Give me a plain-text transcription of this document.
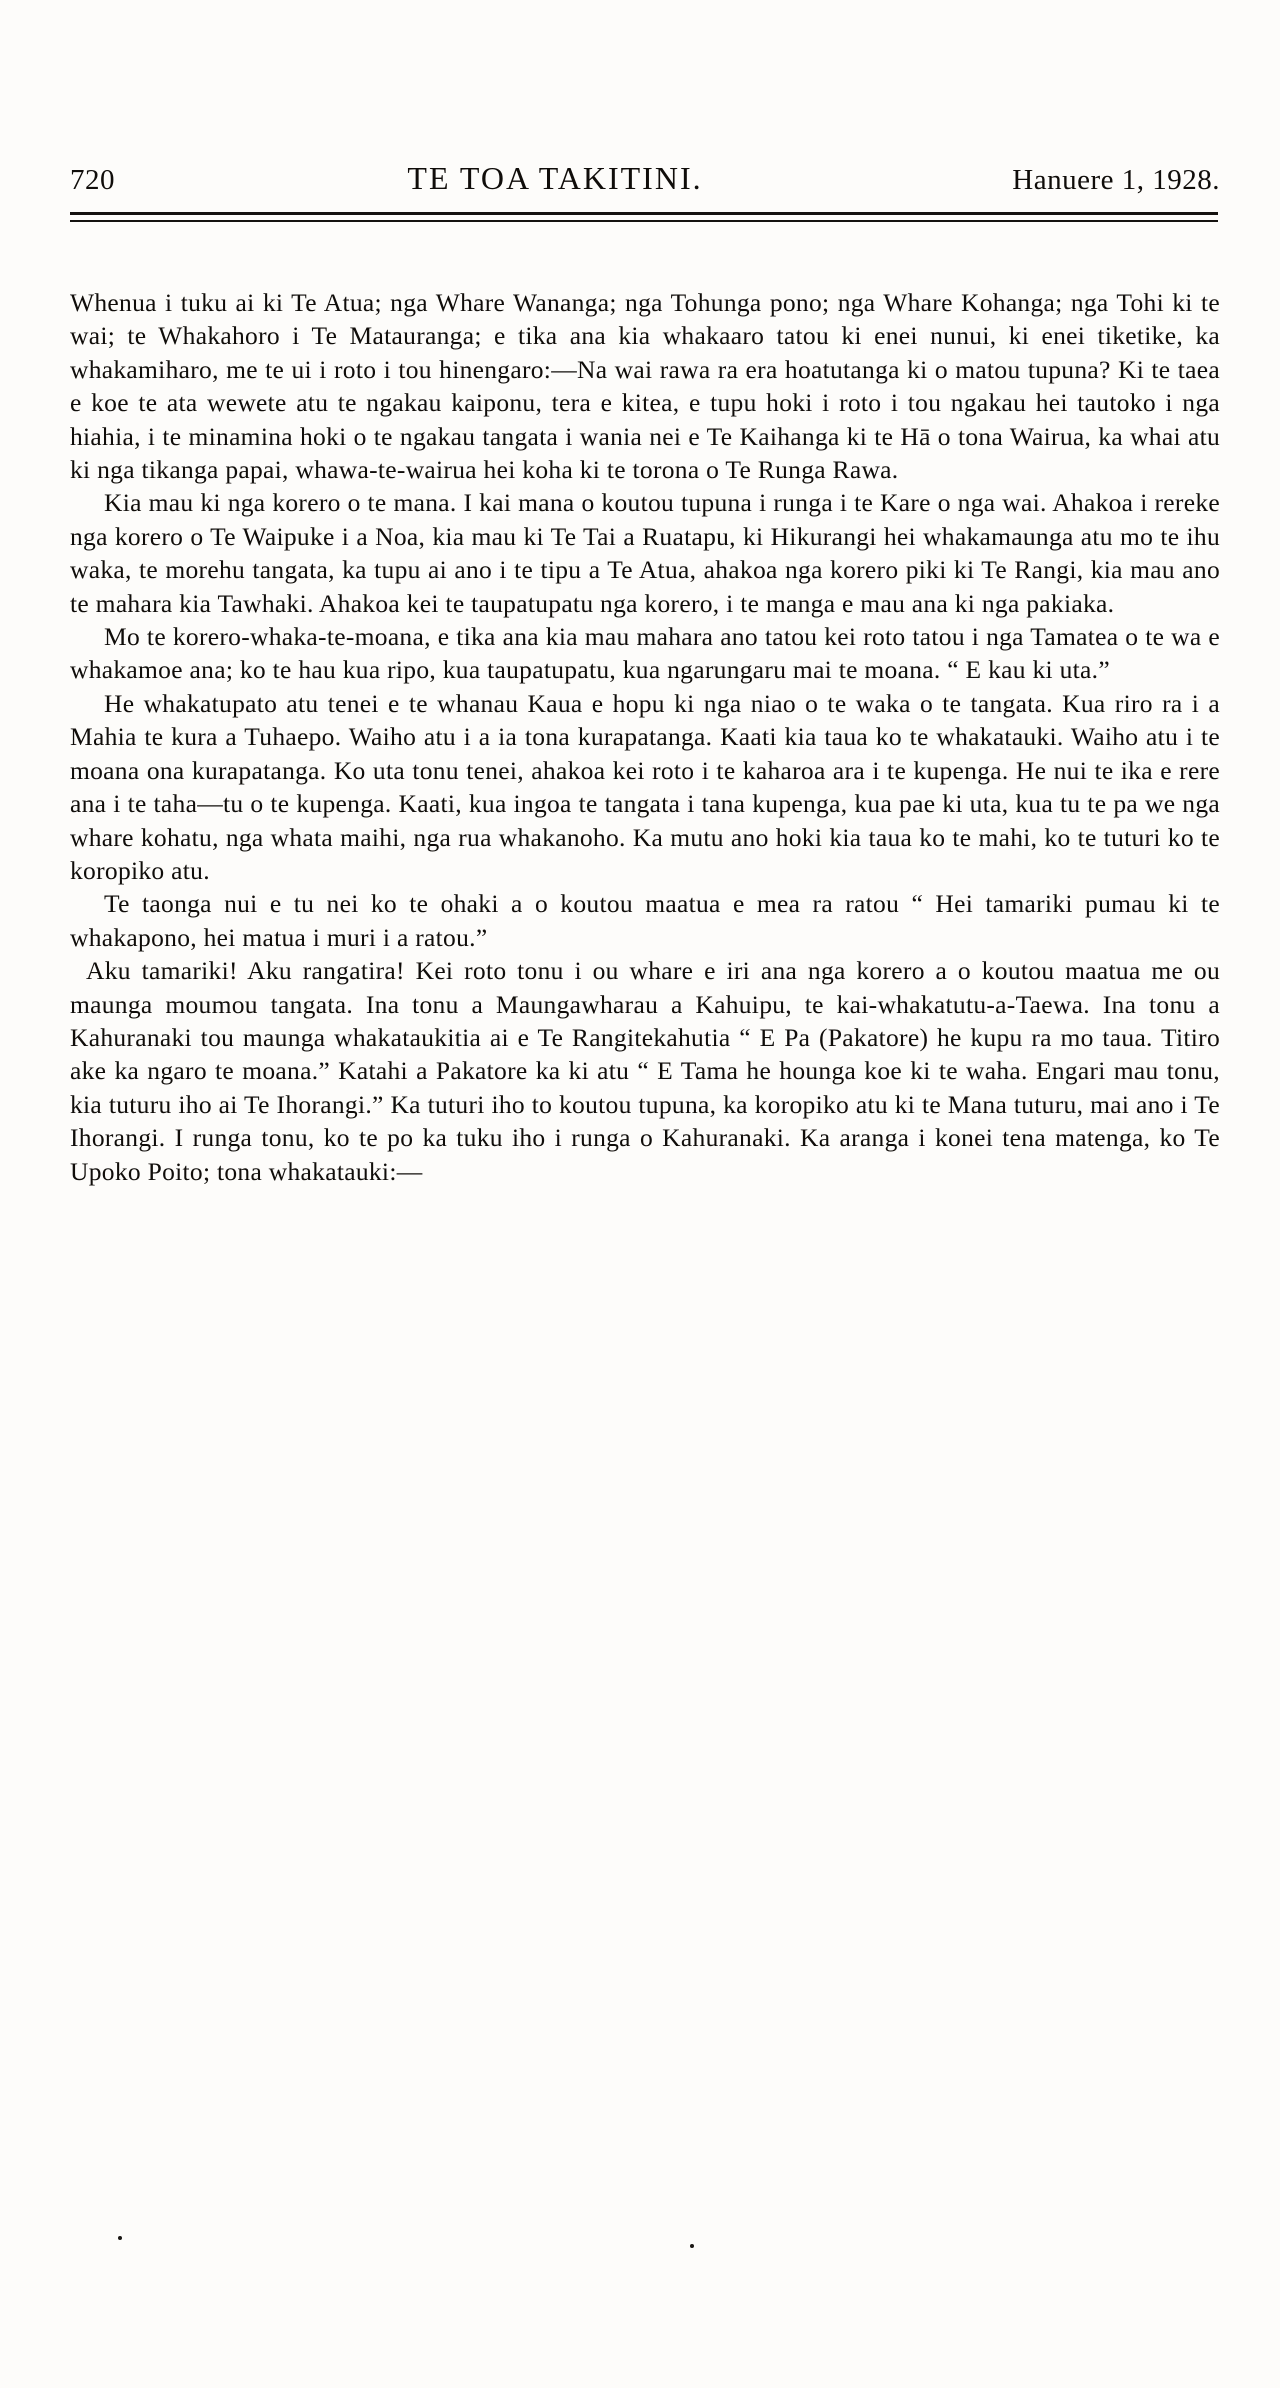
720	TE TOA TAKITINI.	Hanuere 1, 1928.

Whenua i tuku ai ki Te Atua; nga Whare Wananga; nga Tohunga pono; nga Whare Kohanga; nga Tohi ki te wai; te Whakahoro i Te Matauranga; e tika ana kia whakaaro tatou ki enei nunui, ki enei tiketike, ka whakamiharo, me te ui i roto i tou hinengaro:—Na wai rawa ra era hoatutanga ki o matou tupuna? Ki te taea e koe te ata wewete atu te ngakau kaiponu, tera e kitea, e tupu hoki i roto i tou ngakau hei tautoko i nga hiahia, i te minamina hoki o te ngakau tangata i wania nei e Te Kaihanga ki te Hā o tona Wairua, ka whai atu ki nga tikanga papai, whawa-te-wairua hei koha ki te torona o Te Runga Rawa.

Kia mau ki nga korero o te mana. I kai mana o koutou tupuna i runga i te Kare o nga wai. Ahakoa i rereke nga korero o Te Waipuke i a Noa, kia mau ki Te Tai a Ruatapu, ki Hikurangi hei whakamaunga atu mo te ihu waka, te morehu tangata, ka tupu ai ano i te tipu a Te Atua, ahakoa nga korero piki ki Te Rangi, kia mau ano te mahara kia Tawhaki. Ahakoa kei te taupatupatu nga korero, i te manga e mau ana ki nga pakiaka.

Mo te korero-whaka-te-moana, e tika ana kia mau mahara ano tatou kei roto tatou i nga Tamatea o te wa e whakamoe ana; ko te hau kua ripo, kua taupatupatu, kua ngarungaru mai te moana. “ E kau ki uta.”

He whakatupato atu tenei e te whanau Kaua e hopu ki nga niao o te waka o te tangata. Kua riro ra i a Mahia te kura a Tuhaepo. Waiho atu i a ia tona kurapatanga. Kaati kia taua ko te whakatauki. Waiho atu i te moana ona kurapatanga. Ko uta tonu tenei, ahakoa kei roto i te kaharoa ara i te kupenga. He nui te ika e rere ana i te taha—tu o te kupenga. Kaati, kua ingoa te tangata i tana kupenga, kua pae ki uta, kua tu te pa we nga whare kohatu, nga whata maihi, nga rua whakanoho. Ka mutu ano hoki kia taua ko te mahi, ko te tuturi ko te koropiko atu.

Te taonga nui e tu nei ko te ohaki a o koutou maatua e mea ra ratou “ Hei tamariki pumau ki te whakapono, hei matua i muri i a ratou.”

Aku tamariki! Aku rangatira! Kei roto tonu i ou whare e iri ana nga korero a o koutou maatua me ou maunga moumou tangata. Ina tonu a Maungawharau a Kahuipu, te kai-whakatutu-a-Taewa. Ina tonu a Kahuranaki tou maunga whakataukitia ai e Te Rangitekahutia “ E Pa (Pakatore) he kupu ra mo taua. Titiro ake ka ngaro te moana.” Katahi a Pakatore ka ki atu “ E Tama he hounga koe ki te waha. Engari mau tonu, kia tuturu iho ai Te Ihorangi.” Ka tuturi iho to koutou tupuna, ka koropiko atu ki te Mana tuturu, mai ano i Te Ihorangi. I runga tonu, ko te po ka tuku iho i runga o Kahuranaki. Ka aranga i konei tena matenga, ko Te Upoko Poito; tona whakatauki:—
